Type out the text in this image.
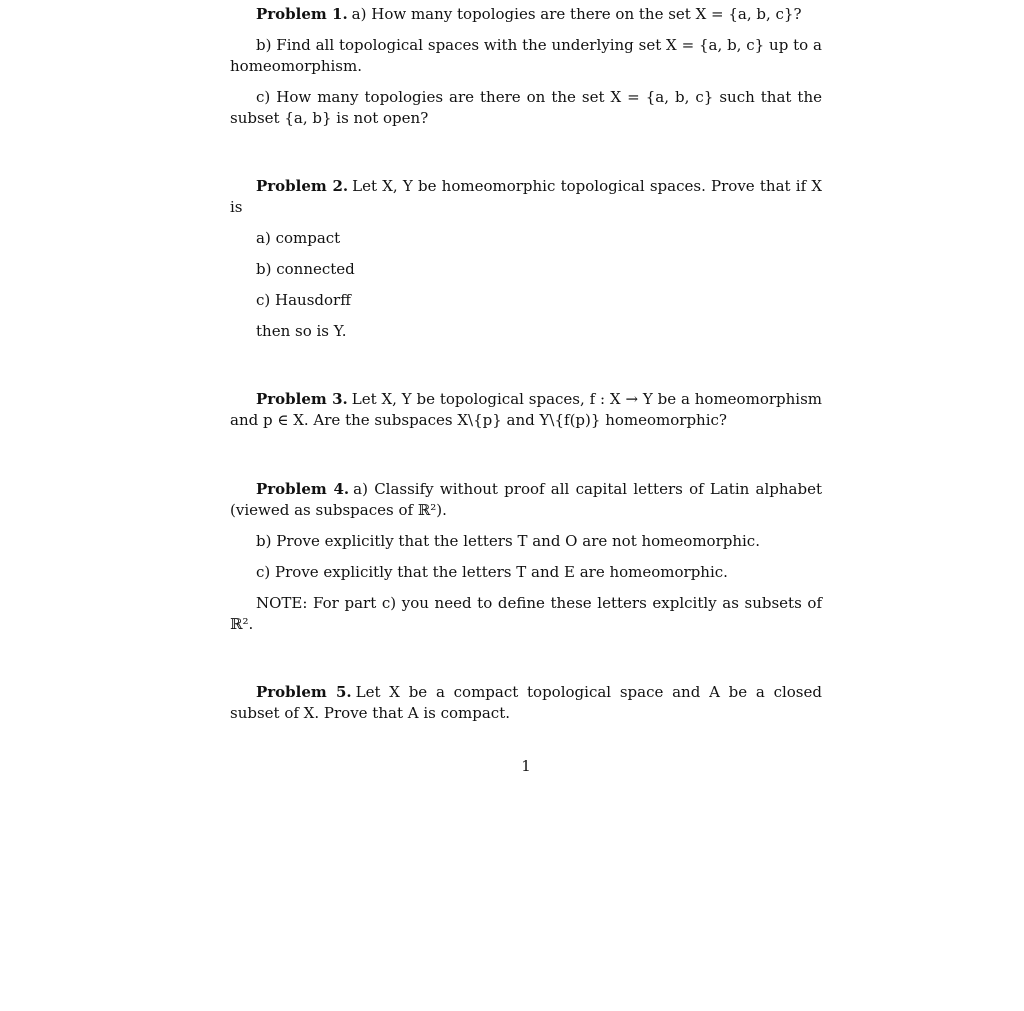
Problem 1. a) How many topologies are there on the set X = {a, b, c}?

b) Find all topological spaces with the underlying set X = {a, b, c} up to a homeomorphism.

c) How many topologies are there on the set X = {a, b, c} such that the subset {a, b} is not open?

Problem 2. Let X, Y be homeomorphic topological spaces. Prove that if X is

a) compact

b) connected

c) Hausdorff

then so is Y.

Problem 3. Let X, Y be topological spaces, f : X → Y be a homeomorphism and p ∈ X. Are the subspaces X\{p} and Y\{f(p)} homeomorphic?

Problem 4. a) Classify without proof all capital letters of Latin alphabet (viewed as subspaces of ℝ²).

b) Prove explicitly that the letters T and O are not homeomorphic.

c) Prove explicitly that the letters T and E are homeomorphic.

NOTE: For part c) you need to define these letters explcitly as subsets of ℝ².

Problem 5. Let X be a compact topological space and A be a closed subset of X. Prove that A is compact.

1
